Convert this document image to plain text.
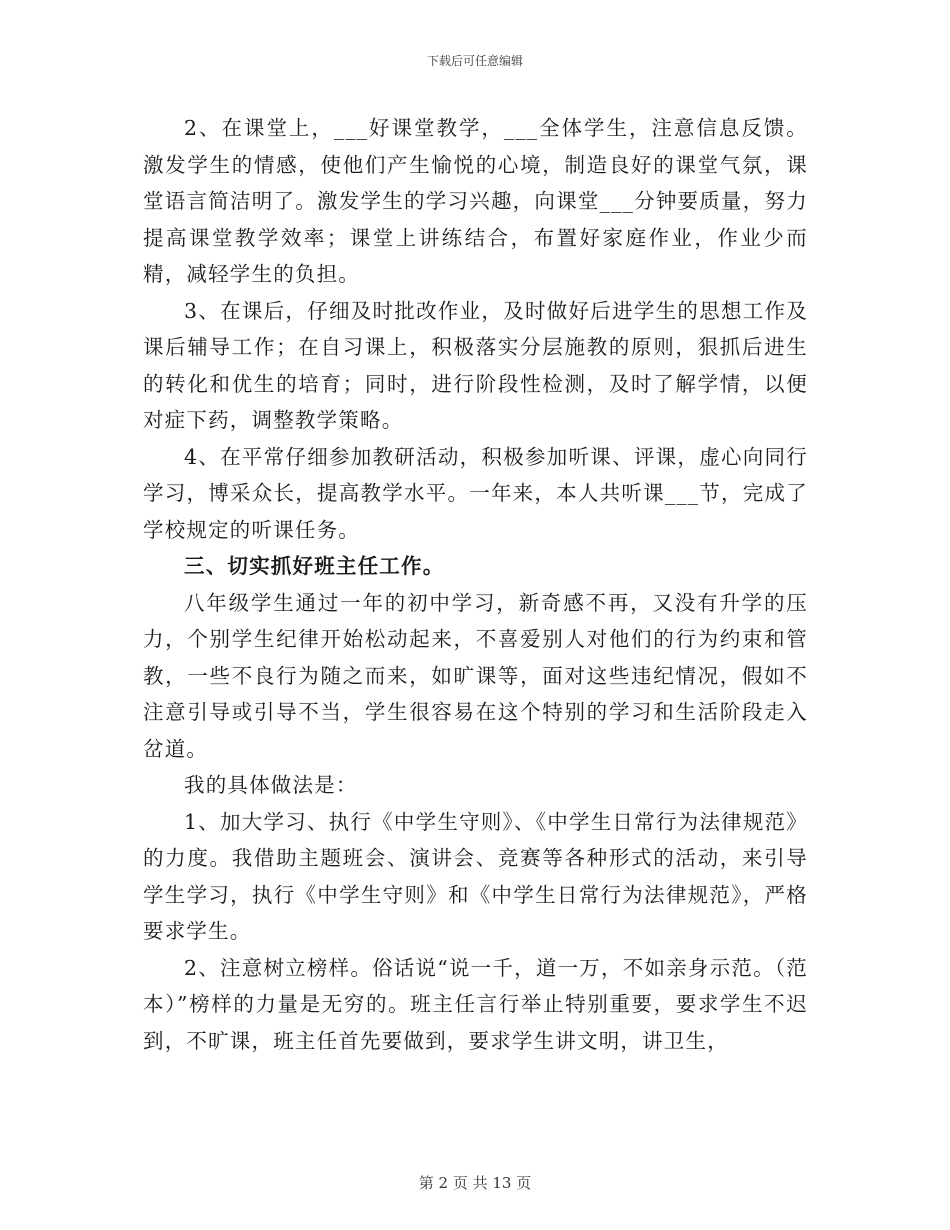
下载后可任意编辑

2、在课堂上，___好课堂教学，___全体学生，注意信息反馈。激发学生的情感，使他们产生愉悦的心境，制造良好的课堂气氛，课堂语言简洁明了。激发学生的学习兴趣，向课堂___分钟要质量，努力提高课堂教学效率；课堂上讲练结合，布置好家庭作业，作业少而精，减轻学生的负担。

3、在课后，仔细及时批改作业，及时做好后进学生的思想工作及课后辅导工作；在自习课上，积极落实分层施教的原则，狠抓后进生的转化和优生的培育；同时，进行阶段性检测，及时了解学情，以便对症下药，调整教学策略。

4、在平常仔细参加教研活动，积极参加听课、评课，虚心向同行学习，博采众长，提高教学水平。一年来，本人共听课___节，完成了学校规定的听课任务。

三、切实抓好班主任工作。

八年级学生通过一年的初中学习，新奇感不再，又没有升学的压力，个别学生纪律开始松动起来，不喜爱别人对他们的行为约束和管教，一些不良行为随之而来，如旷课等，面对这些违纪情况，假如不注意引导或引导不当，学生很容易在这个特别的学习和生活阶段走入岔道。

我的具体做法是：

1、加大学习、执行《中学生守则》、《中学生日常行为法律规范》的力度。我借助主题班会、演讲会、竞赛等各种形式的活动，来引导学生学习，执行《中学生守则》和《中学生日常行为法律规范》，严格要求学生。

2、注意树立榜样。俗话说“说一千，道一万，不如亲身示范。（范本）”榜样的力量是无穷的。班主任言行举止特别重要，要求学生不迟到，不旷课，班主任首先要做到，要求学生讲文明，讲卫生，

第 2 页 共 13 页
